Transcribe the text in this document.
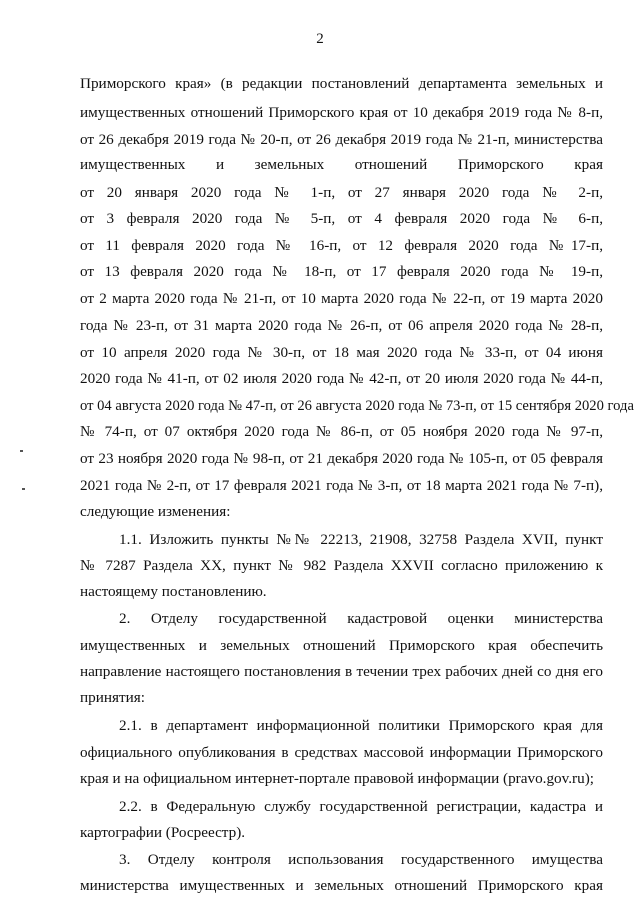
2
Приморского края» (в редакции постановлений департамента земельных и
имущественных отношений Приморского края от 10 декабря 2019 года № 8-п,
от 26 декабря 2019 года № 20-п, от 26 декабря 2019 года № 21-п, министерства
имущественных и земельных отношений Приморского края
от 20 января 2020 года № 1-п, от 27 января 2020 года № 2-п,
от 3 февраля 2020 года № 5-п, от 4 февраля 2020 года № 6-п,
от 11 февраля 2020 года № 16-п, от 12 февраля 2020 года №17-п,
от 13 февраля 2020 года № 18-п, от 17 февраля 2020 года № 19-п,
от 2 марта 2020 года № 21-п, от 10 марта 2020 года № 22-п, от 19 марта 2020
года № 23-п, от 31 марта 2020 года № 26-п, от 06 апреля 2020 года № 28-п,
от 10 апреля 2020 года № 30-п, от 18 мая 2020 года № 33-п, от 04 июня
2020 года № 41-п, от 02 июля 2020 года № 42-п, от 20 июля 2020 года № 44-п,
от 04 августа 2020 года № 47-п, от 26 августа 2020 года № 73-п, от 15 сентября 2020 года
№ 74-п, от 07 октября 2020 года № 86-п, от 05 ноября 2020 года № 97-п,
от 23 ноября 2020 года № 98-п, от 21 декабря 2020 года № 105-п, от 05 февраля
2021 года № 2-п, от 17 февраля 2021 года № 3-п, от 18 марта 2021 года № 7-п),
следующие изменения:
1.1. Изложить пункты №№ 22213, 21908, 32758 Раздела XVII, пункт
№ 7287 Раздела XX, пункт № 982 Раздела XXVII согласно приложению к
настоящему постановлению.
2. Отделу государственной кадастровой оценки министерства
имущественных и земельных отношений Приморского края обеспечить
направление настоящего постановления в течении трех рабочих дней со дня его
принятия:
2.1. в департамент информационной политики Приморского края для
официального опубликования в средствах массовой информации Приморского
края и на официальном интернет-портале правовой информации (pravo.gov.ru);
2.2. в Федеральную службу государственной регистрации, кадастра и
картографии (Росреестр).
3. Отделу контроля использования государственного имущества
министерства имущественных и земельных отношений Приморского края
